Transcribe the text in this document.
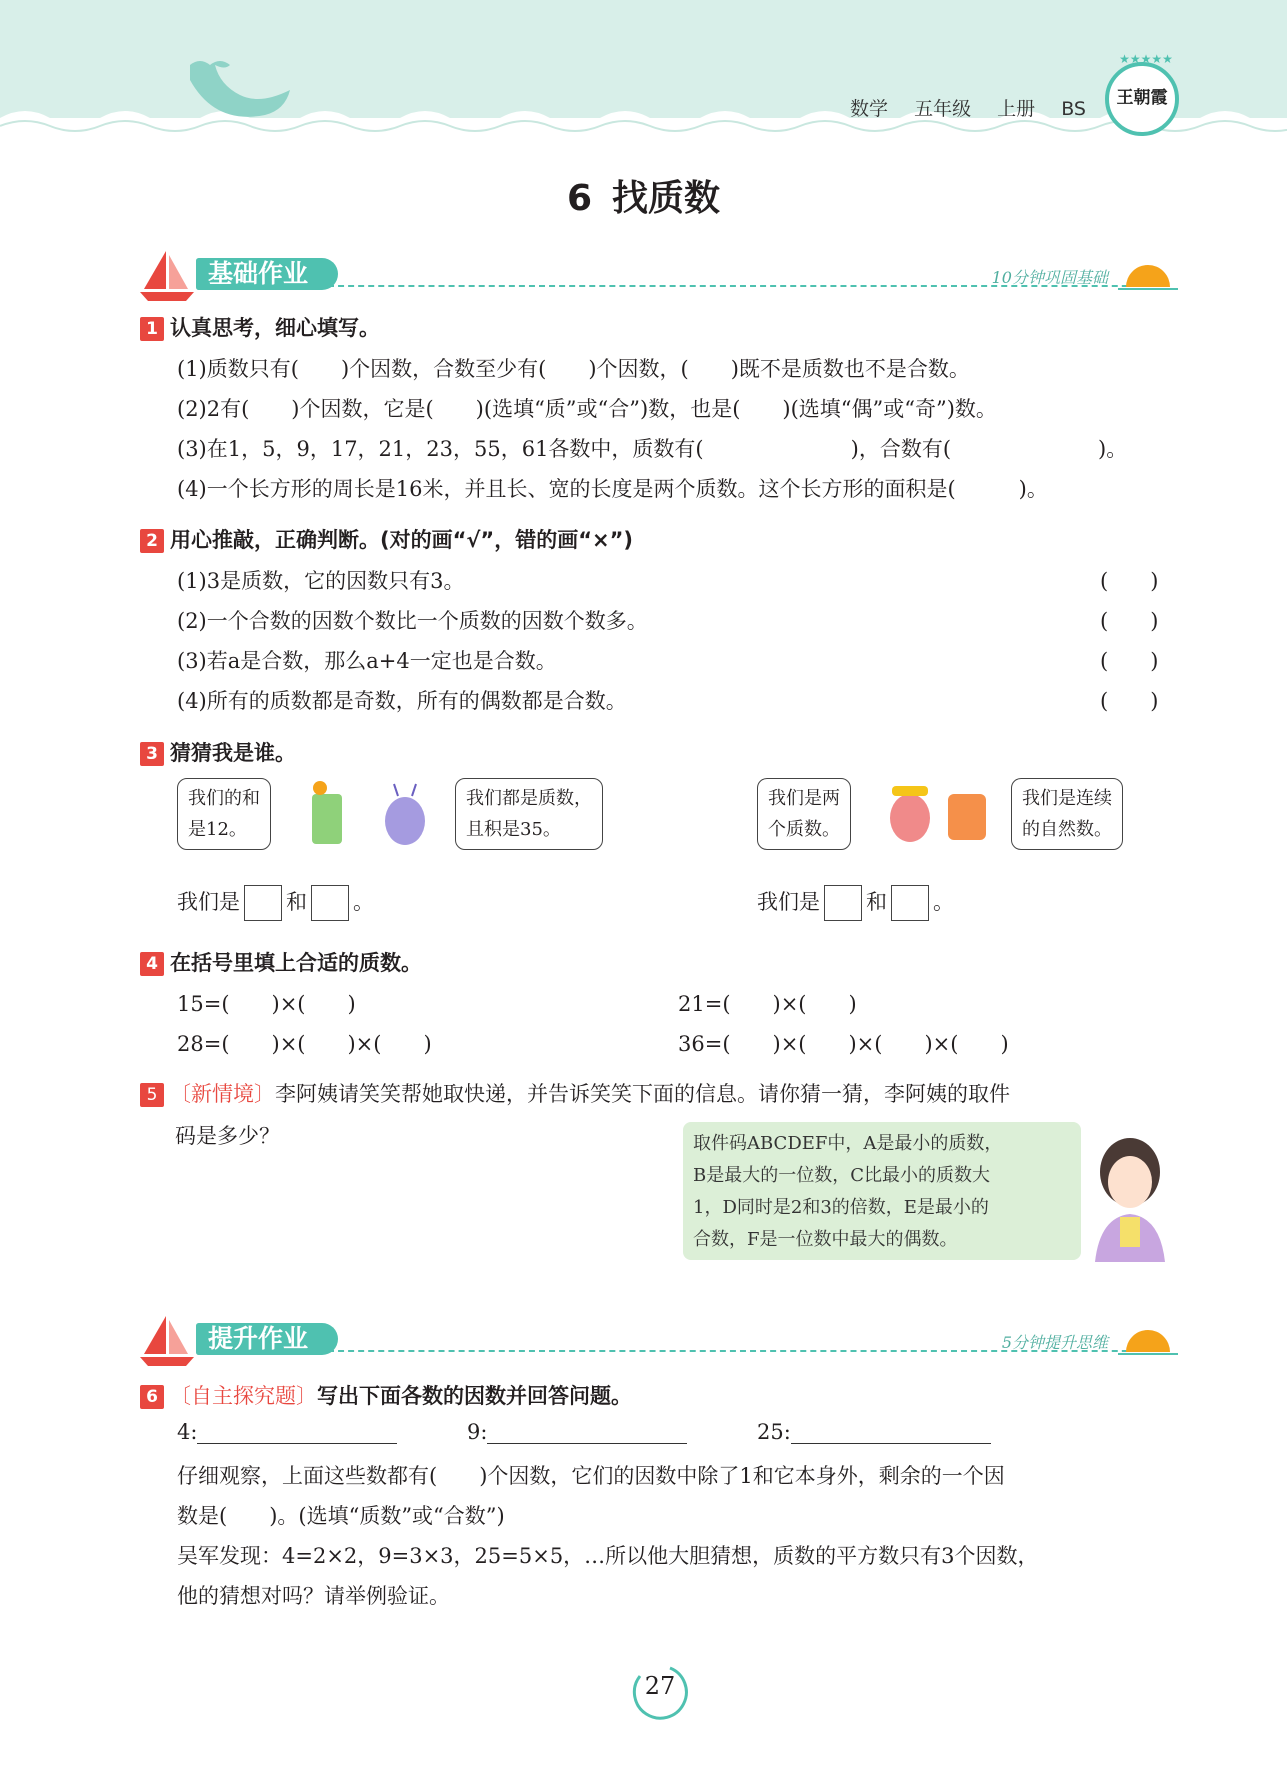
数学 五年级 上册 BS
★★★★★
王朝霞
6 找质数
基础作业	10分钟巩固基础
1 认真思考，细心填写。
(1)质数只有(　　)个因数，合数至少有(　　)个因数，(　　)既不是质数也不是合数。
(2)2有(　　)个因数，它是(　　)(选填“质”或“合”)数，也是(　　)(选填“偶”或“奇”)数。
(3)在1，5，9，17，21，23，55，61各数中，质数有(　　　　　　　)，合数有(　　　　　　　)。
(4)一个长方形的周长是16米，并且长、宽的长度是两个质数。这个长方形的面积是(　　　)。
2 用心推敲，正确判断。(对的画“√”，错的画“×”)
(1)3是质数，它的因数只有3。	(　　)
(2)一个合数的因数个数比一个质数的因数个数多。	(　　)
(3)若a是合数，那么a+4一定也是合数。	(　　)
(4)所有的质数都是奇数，所有的偶数都是合数。	(　　)
3 猜猜我是谁。
我们的和
是12。
我们都是质数，
且积是35。
我们是两
个质数。
我们是连续
的自然数。
我们是 和 。	我们是 和 。
4 在括号里填上合适的质数。
15=(　　)×(　　)	21=(　　)×(　　)
28=(　　)×(　　)×(　　)	36=(　　)×(　　)×(　　)×(　　)
5 〔新情境〕李阿姨请笑笑帮她取快递，并告诉笑笑下面的信息。请你猜一猜，李阿姨的取件
码是多少？	取件码ABCDEF中，A是最小的质数，
B是最大的一位数，C比最小的质数大
1，D同时是2和3的倍数，E是最小的
合数，F是一位数中最大的偶数。
提升作业	5分钟提升思维
6 〔自主探究题〕写出下面各数的因数并回答问题。
4:	9:	25:
仔细观察，上面这些数都有(　　)个因数，它们的因数中除了1和它本身外，剩余的一个因
数是(　　)。(选填“质数”或“合数”)
吴军发现：4=2×2，9=3×3，25=5×5，…所以他大胆猜想，质数的平方数只有3个因数，
他的猜想对吗？请举例验证。
27
